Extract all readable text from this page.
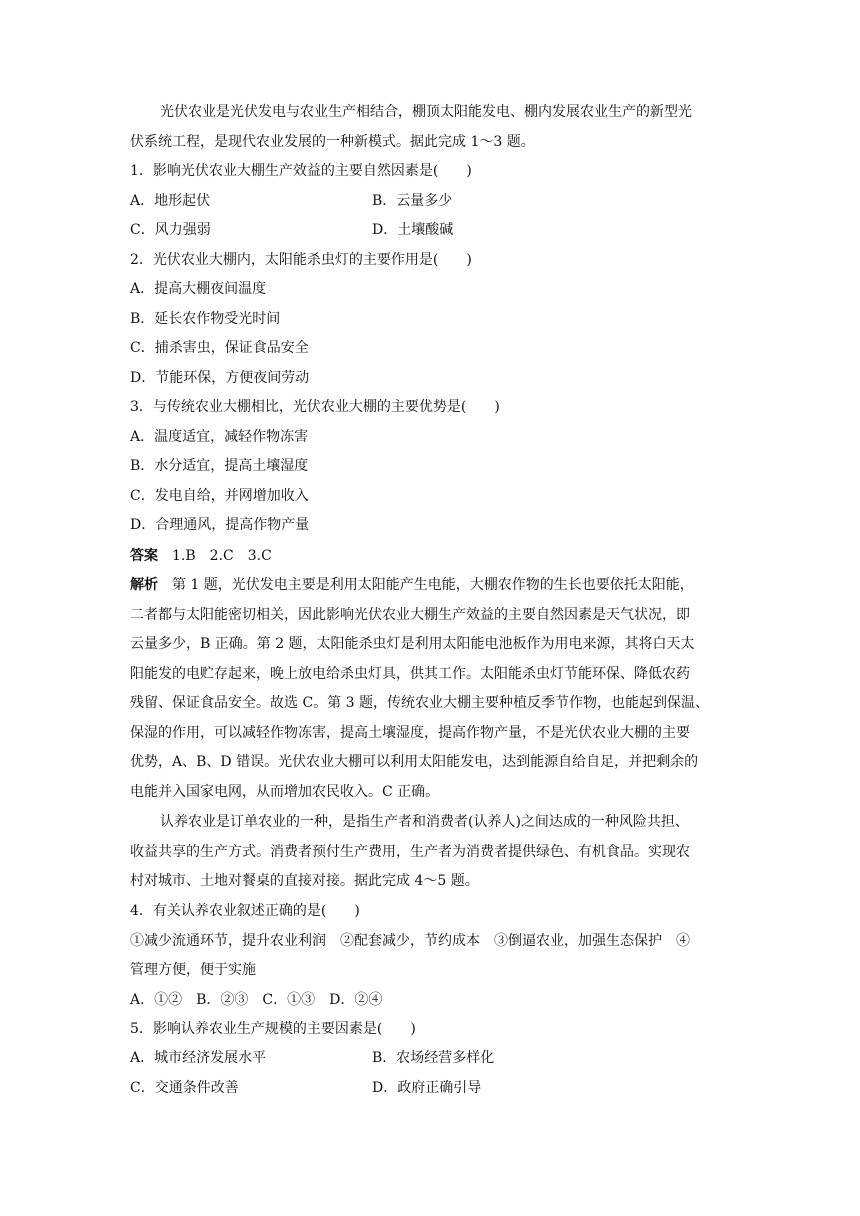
光伏农业是光伏发电与农业生产相结合，棚顶太阳能发电、棚内发展农业生产的新型光
伏系统工程，是现代农业发展的一种新模式。据此完成 1～3 题。
1．影响光伏农业大棚生产效益的主要自然因素是(　　)
A．地形起伏	B．云量多少
C．风力强弱	D．土壤酸碱
2．光伏农业大棚内，太阳能杀虫灯的主要作用是(　　)
A．提高大棚夜间温度
B．延长农作物受光时间
C．捕杀害虫，保证食品安全
D．节能环保，方便夜间劳动
3．与传统农业大棚相比，光伏农业大棚的主要优势是(　　)
A．温度适宜，减轻作物冻害
B．水分适宜，提高土壤湿度
C．发电自给，并网增加收入
D．合理通风，提高作物产量
答案 1.B　2.C　3.C
解析 第 1 题，光伏发电主要是利用太阳能产生电能，大棚农作物的生长也要依托太阳能，
二者都与太阳能密切相关，因此影响光伏农业大棚生产效益的主要自然因素是天气状况，即
云量多少，B 正确。第 2 题，太阳能杀虫灯是利用太阳能电池板作为用电来源，其将白天太
阳能发的电贮存起来，晚上放电给杀虫灯具，供其工作。太阳能杀虫灯节能环保、降低农药
残留、保证食品安全。故选 C。第 3 题，传统农业大棚主要种植反季节作物，也能起到保温、
保湿的作用，可以减轻作物冻害，提高土壤湿度，提高作物产量，不是光伏农业大棚的主要
优势，A、B、D 错误。光伏农业大棚可以利用太阳能发电，达到能源自给自足，并把剩余的
电能并入国家电网，从而增加农民收入。C 正确。
认养农业是订单农业的一种，是指生产者和消费者(认养人)之间达成的一种风险共担、
收益共享的生产方式。消费者预付生产费用，生产者为消费者提供绿色、有机食品。实现农
村对城市、土地对餐桌的直接对接。据此完成 4～5 题。
4．有关认养农业叙述正确的是(　　)
①减少流通环节，提升农业利润　②配套减少，节约成本　③倒逼农业，加强生态保护　④
管理方便，便于实施
A．①②　B．②③　C．①③　D．②④
5．影响认养农业生产规模的主要因素是(　　)
A．城市经济发展水平	B．农场经营多样化
C．交通条件改善	D．政府正确引导
